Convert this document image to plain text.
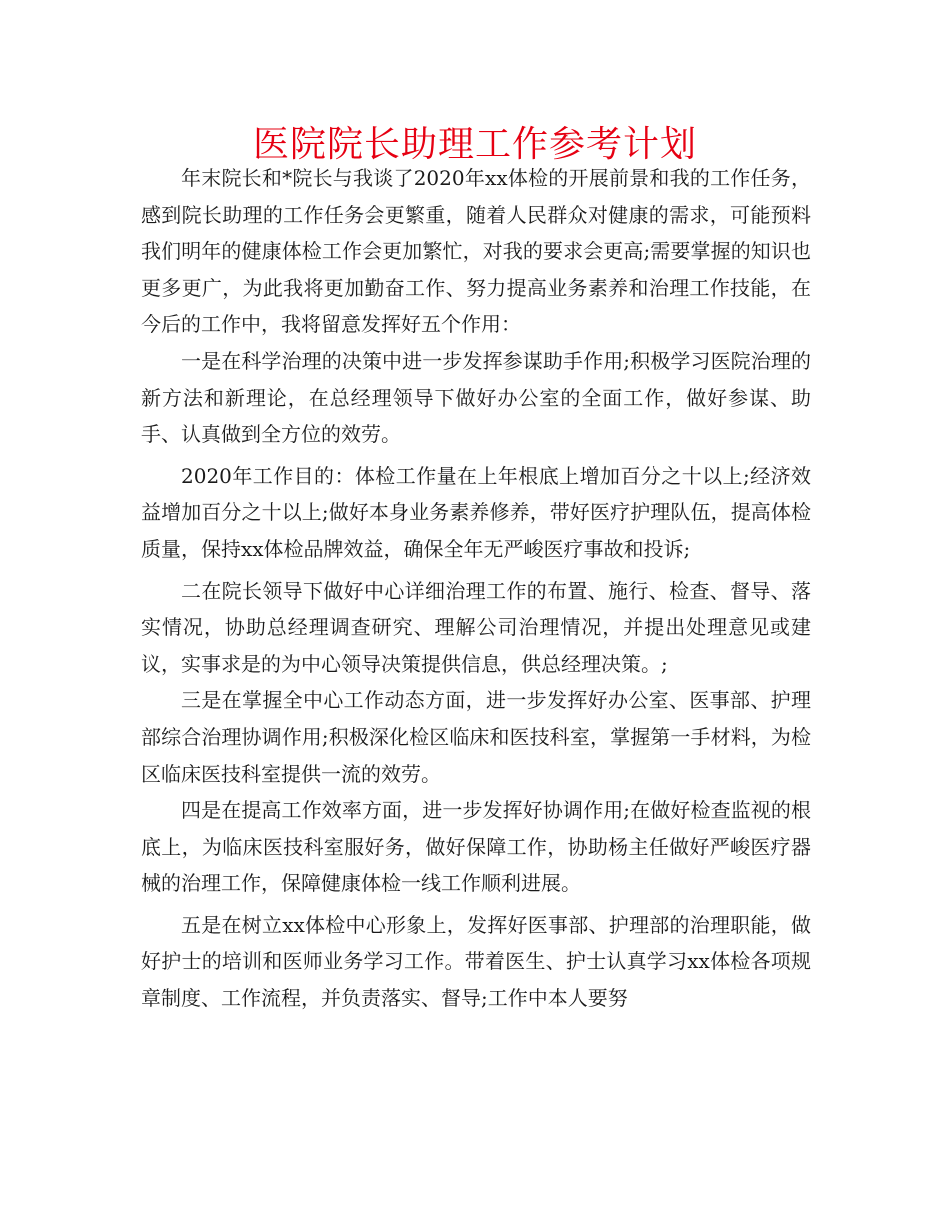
医院院长助理工作参考计划

年末院长和*院长与我谈了2020年xx体检的开展前景和我的工作任务，感到院长助理的工作任务会更繁重，随着人民群众对健康的需求，可能预料我们明年的健康体检工作会更加繁忙，对我的要求会更高;需要掌握的知识也更多更广，为此我将更加勤奋工作、努力提高业务素养和治理工作技能，在今后的工作中，我将留意发挥好五个作用：

一是在科学治理的决策中进一步发挥参谋助手作用;积极学习医院治理的新方法和新理论，在总经理领导下做好办公室的全面工作，做好参谋、助手、认真做到全方位的效劳。

2020年工作目的：体检工作量在上年根底上增加百分之十以上;经济效益增加百分之十以上;做好本身业务素养修养，带好医疗护理队伍，提高体检质量，保持xx体检品牌效益，确保全年无严峻医疗事故和投诉;

二在院长领导下做好中心详细治理工作的布置、施行、检查、督导、落实情况，协助总经理调查研究、理解公司治理情况，并提出处理意见或建议，实事求是的为中心领导决策提供信息，供总经理决策。;

三是在掌握全中心工作动态方面，进一步发挥好办公室、医事部、护理部综合治理协调作用;积极深化检区临床和医技科室，掌握第一手材料，为检区临床医技科室提供一流的效劳。

四是在提高工作效率方面，进一步发挥好协调作用;在做好检查监视的根底上，为临床医技科室服好务，做好保障工作，协助杨主任做好严峻医疗器械的治理工作，保障健康体检一线工作顺利进展。

五是在树立xx体检中心形象上，发挥好医事部、护理部的治理职能，做好护士的培训和医师业务学习工作。带着医生、护士认真学习xx体检各项规章制度、工作流程，并负责落实、督导;工作中本人要努
